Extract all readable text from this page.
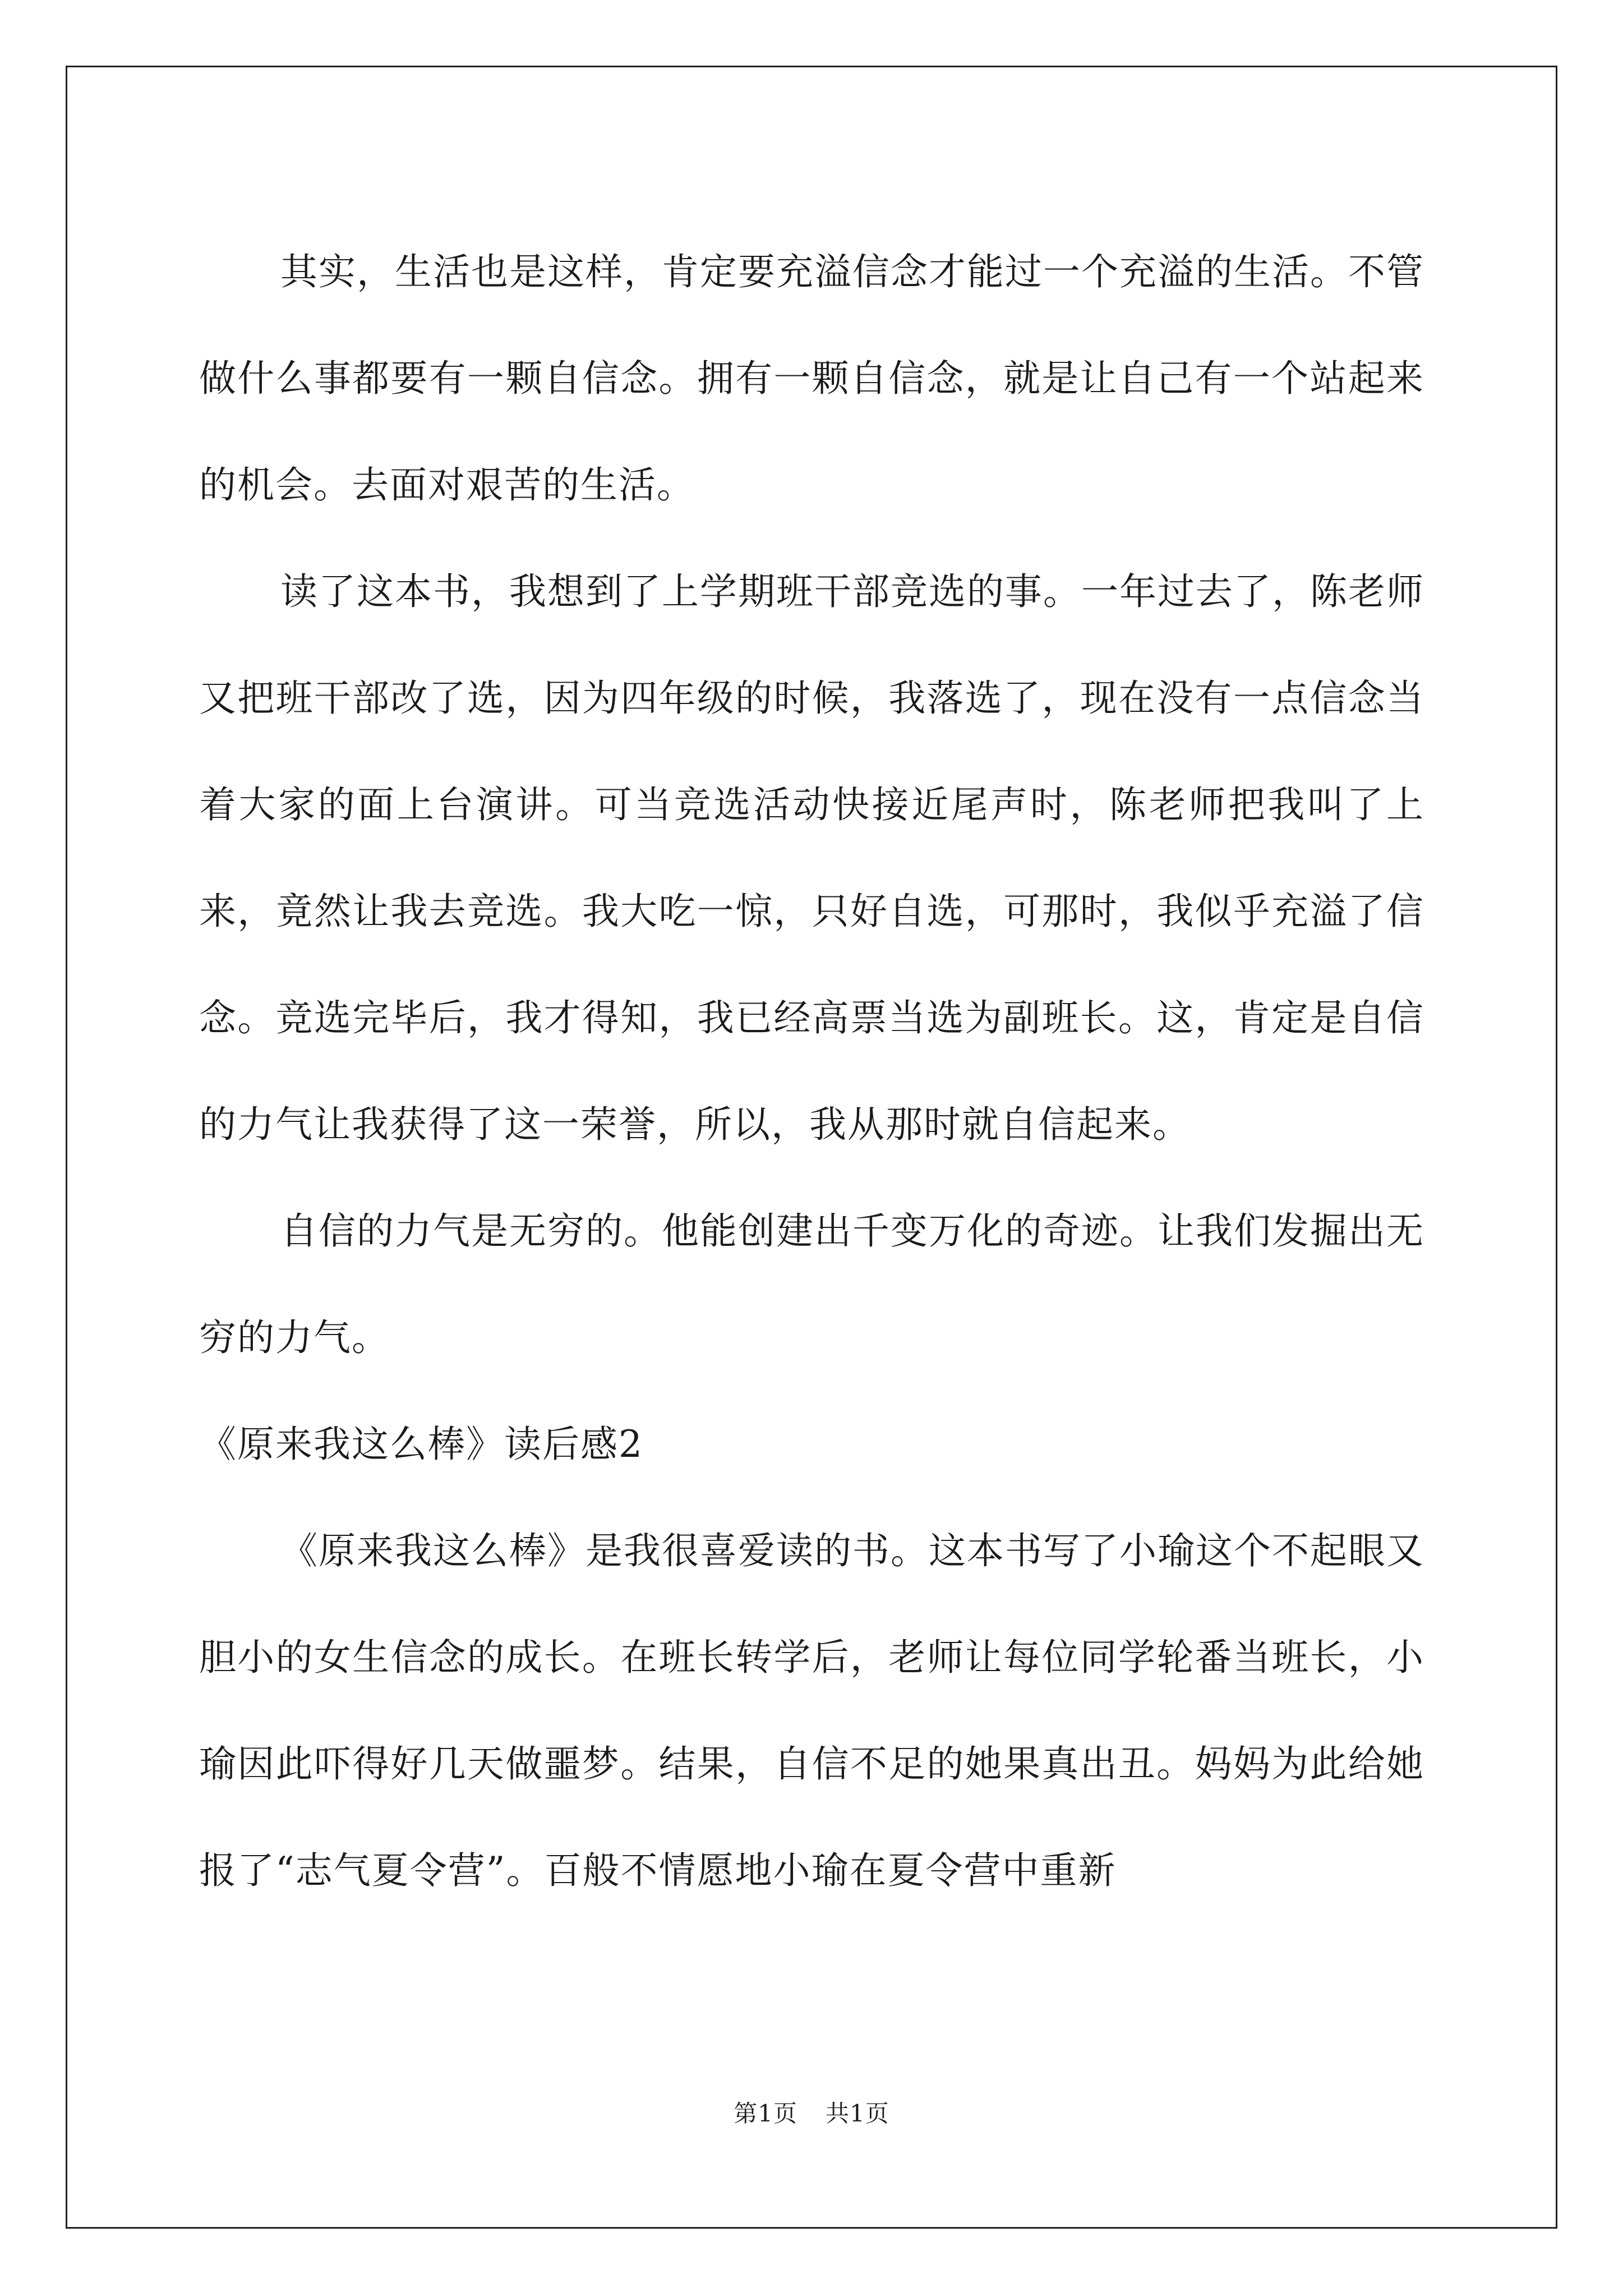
其实，生活也是这样，肯定要充溢信念才能过一个充溢的生活。不管做什么事都要有一颗自信念。拥有一颗自信念，就是让自己有一个站起来的机会。去面对艰苦的生活。

读了这本书，我想到了上学期班干部竞选的事。一年过去了，陈老师又把班干部改了选，因为四年级的时候，我落选了，现在没有一点信念当着大家的面上台演讲。可当竞选活动快接近尾声时，陈老师把我叫了上来，竟然让我去竞选。我大吃一惊，只好自选，可那时，我似乎充溢了信念。竞选完毕后，我才得知，我已经高票当选为副班长。这，肯定是自信的力气让我获得了这一荣誉，所以，我从那时就自信起来。

自信的力气是无穷的。他能创建出千变万化的奇迹。让我们发掘出无穷的力气。

《原来我这么棒》读后感2

《原来我这么棒》是我很喜爱读的书。这本书写了小瑜这个不起眼又胆小的女生信念的成长。在班长转学后，老师让每位同学轮番当班长，小瑜因此吓得好几天做噩梦。结果，自信不足的她果真出丑。妈妈为此给她报了“志气夏令营”。百般不情愿地小瑜在夏令营中重新

第1页 共1页
